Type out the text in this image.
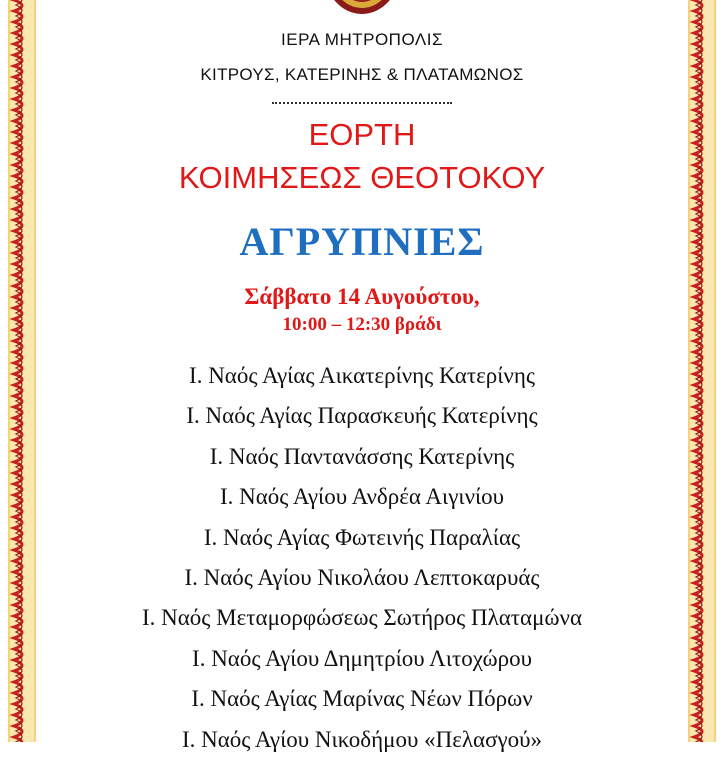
ΙΕΡΑ ΜΗΤΡΟΠΟΛΙΣ
ΚΙΤΡΟΥΣ, ΚΑΤΕΡΙΝΗΣ & ΠΛΑΤΑΜΩΝΟΣ
ΕΟΡΤΗ
ΚΟΙΜΗΣΕΩΣ ΘΕΟΤΟΚΟΥ
ΑΓΡΥΠΝΙΕΣ
Σάββατο 14 Αυγούστου,
10:00 – 12:30 βράδι
Ι. Ναός Αγίας Αικατερίνης Κατερίνης
Ι. Ναός Αγίας Παρασκευής Κατερίνης
Ι. Ναός Παντανάσσης Κατερίνης
Ι. Ναός Αγίου Ανδρέα Αιγινίου
Ι. Ναός Αγίας Φωτεινής Παραλίας
Ι. Ναός Αγίου Νικολάου Λεπτοκαρυάς
Ι. Ναός Μεταμορφώσεως Σωτήρος Πλαταμώνα
Ι. Ναός Αγίου Δημητρίου Λιτοχώρου
Ι. Ναός Αγίας Μαρίνας Νέων Πόρων
Ι. Ναός Αγίου Νικοδήμου «Πελασγού»
